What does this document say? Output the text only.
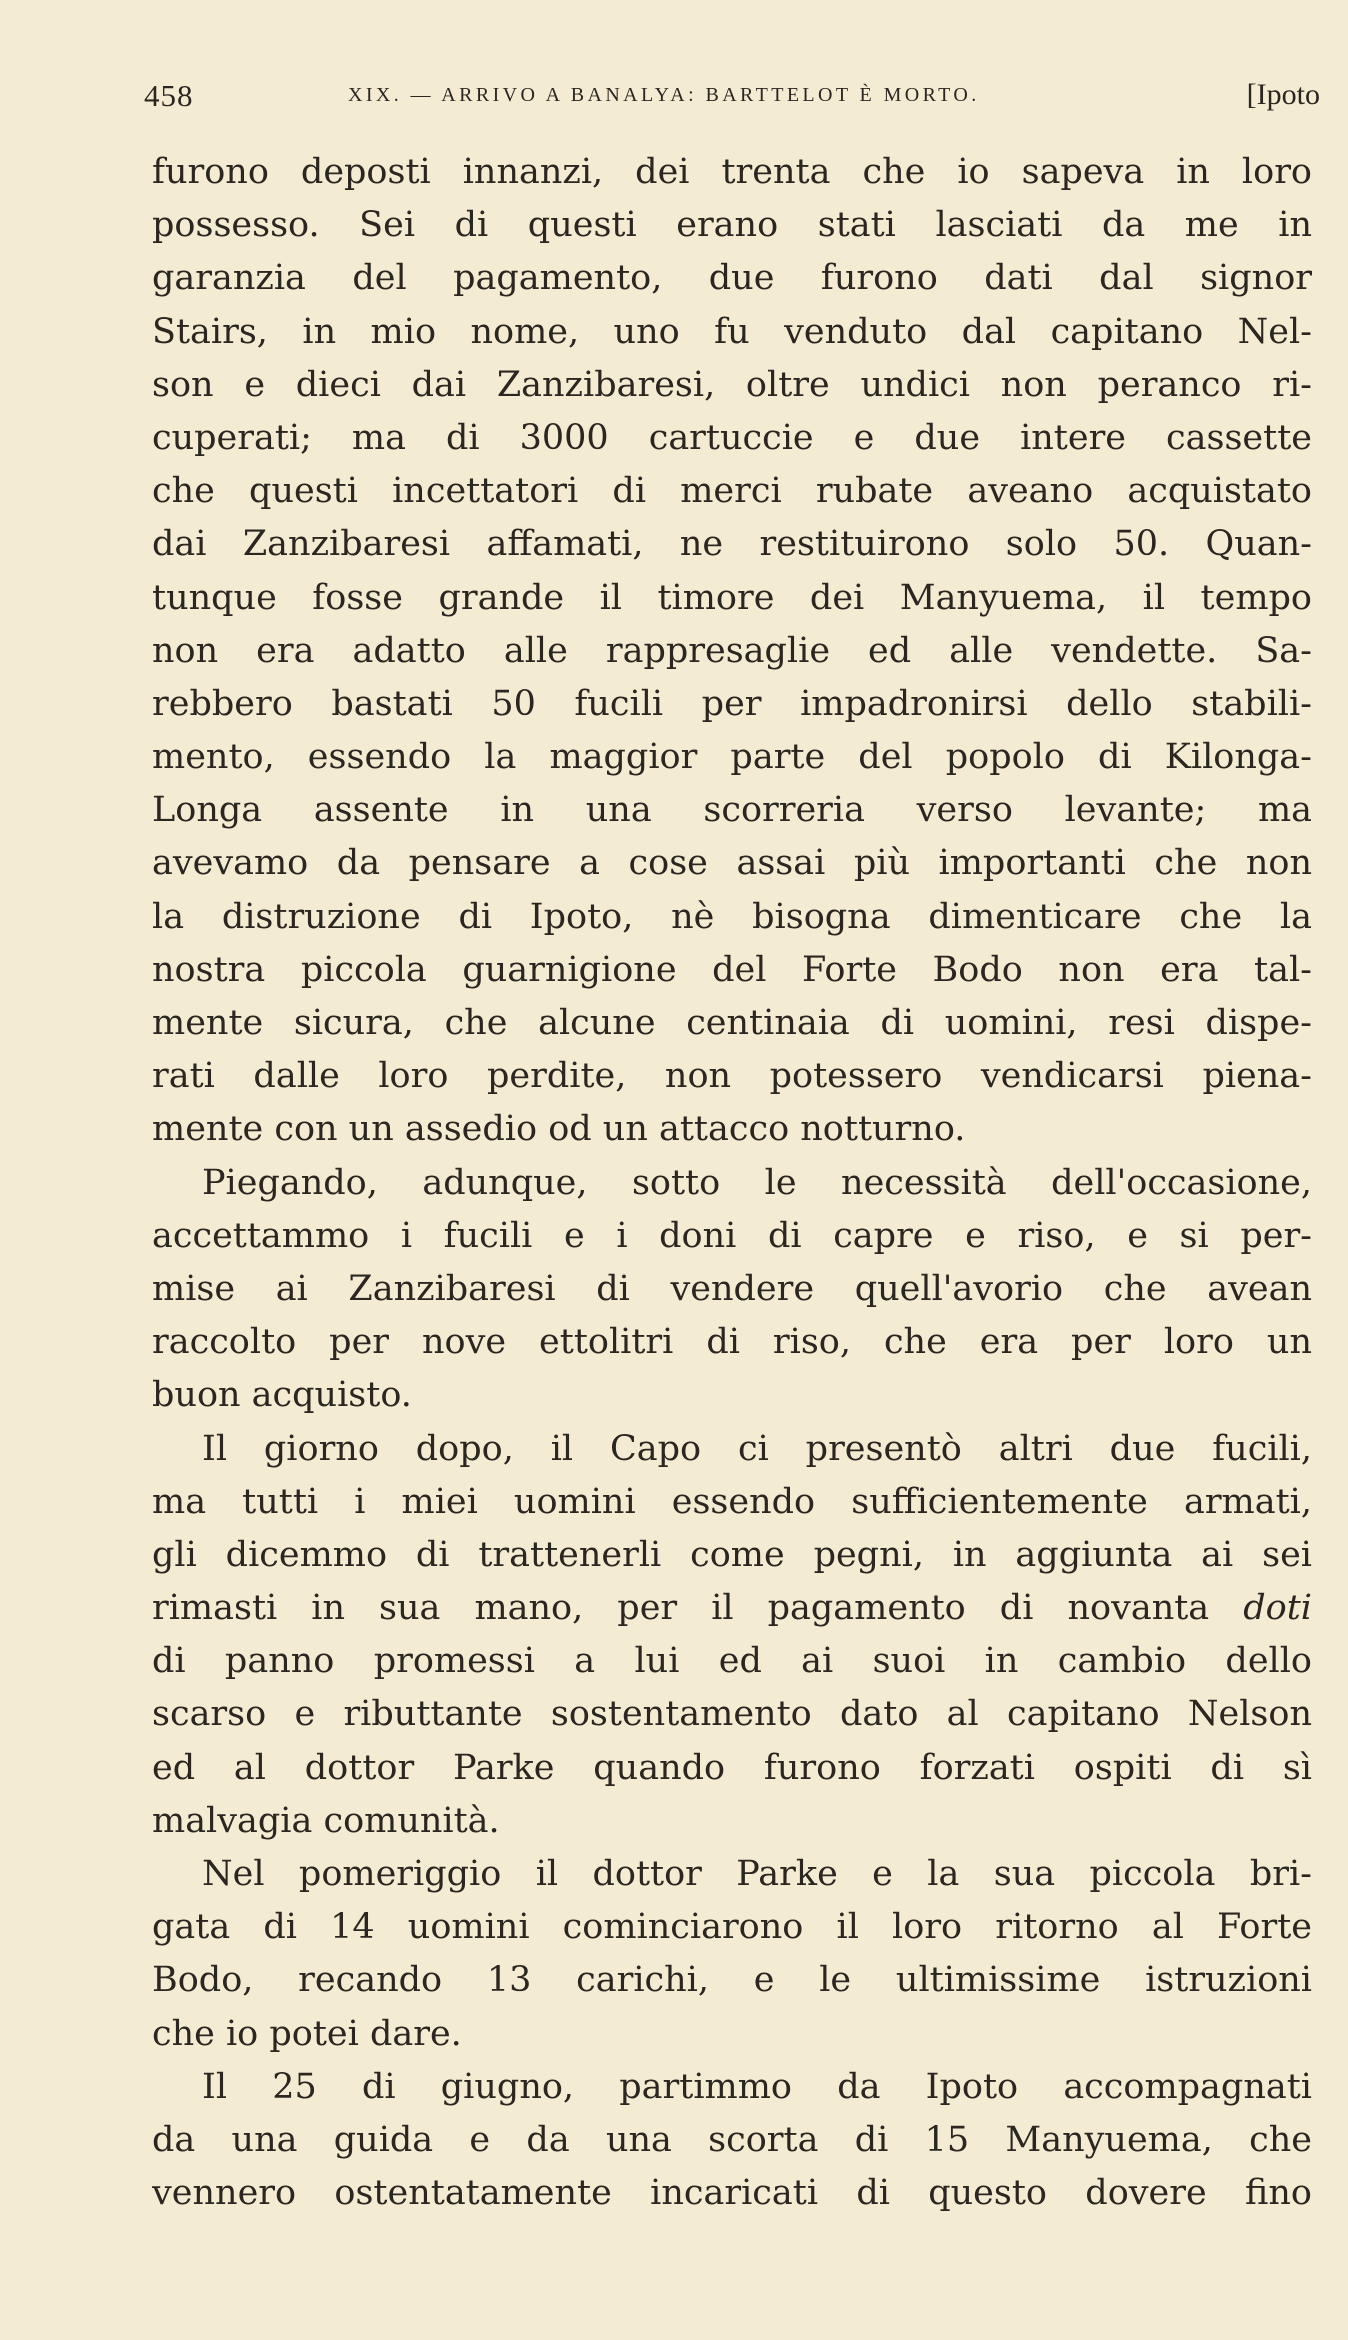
458	XIX. — ARRIVO A BANALYA: BARTTELOT È MORTO.	[Ipoto
furono deposti innanzi, dei trenta che io sapeva in loro
possesso. Sei di questi erano stati lasciati da me in
garanzia del pagamento, due furono dati dal signor
Stairs, in mio nome, uno fu venduto dal capitano Nel-
son e dieci dai Zanzibaresi, oltre undici non peranco ri-
cuperati; ma di 3000 cartuccie e due intere cassette
che questi incettatori di merci rubate aveano acquistato
dai Zanzibaresi affamati, ne restituirono solo 50. Quan-
tunque fosse grande il timore dei Manyuema, il tempo
non era adatto alle rappresaglie ed alle vendette. Sa-
rebbero bastati 50 fucili per impadronirsi dello stabili-
mento, essendo la maggior parte del popolo di Kilonga-
Longa assente in una scorreria verso levante; ma
avevamo da pensare a cose assai più importanti che non
la distruzione di Ipoto, nè bisogna dimenticare che la
nostra piccola guarnigione del Forte Bodo non era tal-
mente sicura, che alcune centinaia di uomini, resi dispe-
rati dalle loro perdite, non potessero vendicarsi piena-
mente con un assedio od un attacco notturno.
Piegando, adunque, sotto le necessità dell'occasione,
accettammo i fucili e i doni di capre e riso, e si per-
mise ai Zanzibaresi di vendere quell'avorio che avean
raccolto per nove ettolitri di riso, che era per loro un
buon acquisto.
Il giorno dopo, il Capo ci presentò altri due fucili,
ma tutti i miei uomini essendo sufficientemente armati,
gli dicemmo di trattenerli come pegni, in aggiunta ai sei
rimasti in sua mano, per il pagamento di novanta doti
di panno promessi a lui ed ai suoi in cambio dello
scarso e ributtante sostentamento dato al capitano Nelson
ed al dottor Parke quando furono forzati ospiti di sì
malvagia comunità.
Nel pomeriggio il dottor Parke e la sua piccola bri-
gata di 14 uomini cominciarono il loro ritorno al Forte
Bodo, recando 13 carichi, e le ultimissime istruzioni
che io potei dare.
Il 25 di giugno, partimmo da Ipoto accompagnati
da una guida e da una scorta di 15 Manyuema, che
vennero ostentatamente incaricati di questo dovere fino
